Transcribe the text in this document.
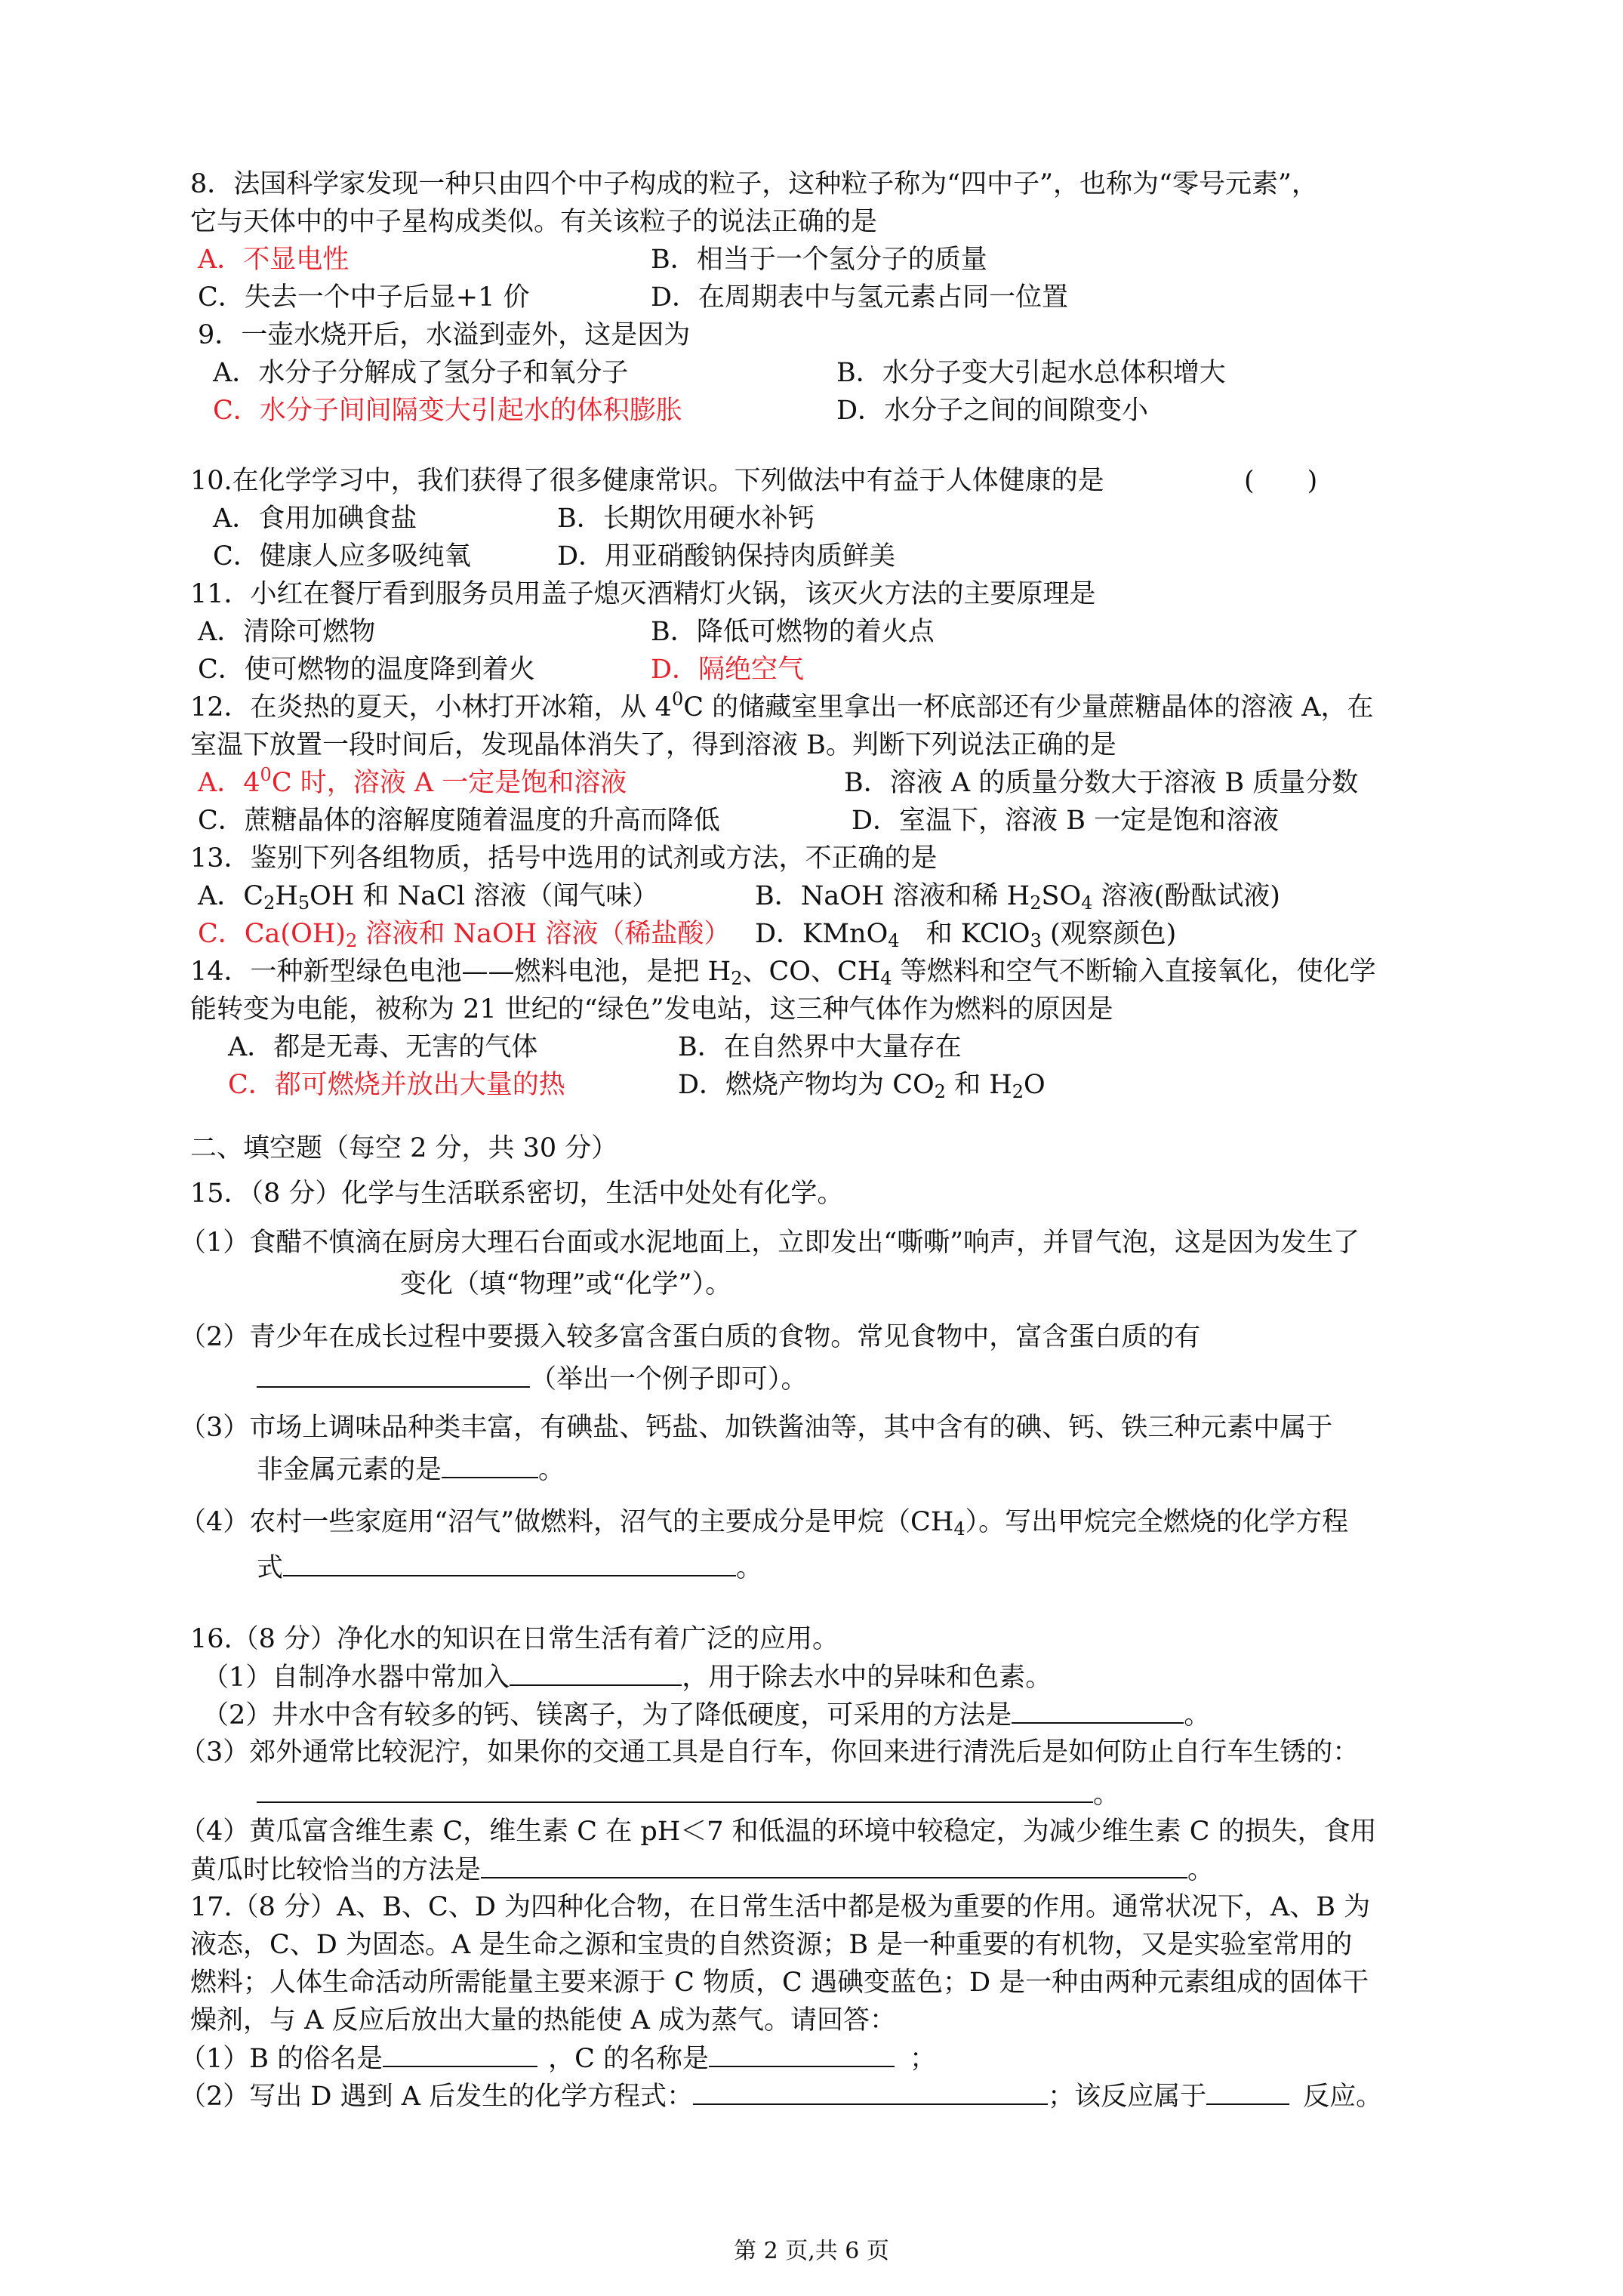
8．法国科学家发现一种只由四个中子构成的粒子，这种粒子称为“四中子”，也称为“零号元素”，
它与天体中的中子星构成类似。有关该粒子的说法正确的是
A．不显电性	B．相当于一个氢分子的质量
C．失去一个中子后显+1 价	D．在周期表中与氢元素占同一位置
9．一壶水烧开后，水溢到壶外，这是因为
A．水分子分解成了氢分子和氧分子	B．水分子变大引起水总体积增大
C．水分子间间隔变大引起水的体积膨胀	D．水分子之间的间隙变小
10.在化学学习中，我们获得了很多健康常识。下列做法中有益于人体健康的是	(　　)
A．食用加碘食盐	B．长期饮用硬水补钙
C．健康人应多吸纯氧	D．用亚硝酸钠保持肉质鲜美
11．小红在餐厅看到服务员用盖子熄灭酒精灯火锅，该灭火方法的主要原理是
A．清除可燃物	B．降低可燃物的着火点
C．使可燃物的温度降到着火	D．隔绝空气
12．在炎热的夏天，小林打开冰箱，从 $4^0C$ 的储藏室里拿出一杯底部还有少量蔗糖晶体的溶液 A，在
室温下放置一段时间后，发现晶体消失了，得到溶液 B。判断下列说法正确的是
A．$4^0C$ 时，溶液 A 一定是饱和溶液	B．溶液 A 的质量分数大于溶液 B 质量分数
C．蔗糖晶体的溶解度随着温度的升高而降低	D．室温下，溶液 B 一定是饱和溶液
13．鉴别下列各组物质，括号中选用的试剂或方法，不正确的是
A．$C_2H_5OH$ 和 NaCl 溶液（闻气味）	B．NaOH 溶液和稀 $H_2SO_4$ 溶液(酚酞试液)
C．$Ca(OH)_2$ 溶液和 NaOH 溶液（稀盐酸） D．KMnO$_4$　和 KClO$_3$ (观察颜色)
14．一种新型绿色电池——燃料电池，是把 $H_2$、CO、$CH_4$ 等燃料和空气不断输入直接氧化，使化学
能转变为电能，被称为 21 世纪的“绿色”发电站，这三种气体作为燃料的原因是
A．都是无毒、无害的气体	B．在自然界中大量存在
C．都可燃烧并放出大量的热	D．燃烧产物均为 $CO_2$ 和 $H_2O$
二、填空题（每空 2 分，共 30 分）
15．（8 分）化学与生活联系密切，生活中处处有化学。
（1）食醋不慎滴在厨房大理石台面或水泥地面上，立即发出“嘶嘶”响声，并冒气泡，这是因为发生了
变化（填“物理”或“化学”）。
（2）青少年在成长过程中要摄入较多富含蛋白质的食物。常见食物中，富含蛋白质的有
（举出一个例子即可）。
（3）市场上调味品种类丰富，有碘盐、钙盐、加铁酱油等，其中含有的碘、钙、铁三种元素中属于
非金属元素的是	。
（4）农村一些家庭用“沼气”做燃料，沼气的主要成分是甲烷$(CH_4)$。写出甲烷完全燃烧的化学方程
式	。
16.（8 分）净化水的知识在日常生活有着广泛的应用。
（1）自制净水器中常加入	，用于除去水中的异味和色素。
（2）井水中含有较多的钙、镁离子，为了降低硬度，可采用的方法是	。
（3）郊外通常比较泥泞，如果你的交通工具是自行车，你回来进行清洗后是如何防止自行车生锈的：
。
（4）黄瓜富含维生素 C，维生素 C 在 pH＜7 和低温的环境中较稳定，为减少维生素 C 的损失，食用
黄瓜时比较恰当的方法是	。
17.（8 分）A、B、C、D 为四种化合物，在日常生活中都是极为重要的作用。通常状况下，A、B 为
液态，C、D 为固态。A 是生命之源和宝贵的自然资源；B 是一种重要的有机物，又是实验室常用的
燃料；人体生命活动所需能量主要来源于 C 物质，C 遇碘变蓝色；D 是一种由两种元素组成的固体干
燥剂，与 A 反应后放出大量的热能使 A 成为蒸气。请回答：
（1）B 的俗名是	，C 的名称是	；
（2）写出 D 遇到 A 后发生的化学方程式：	；该反应属于	反应。
第 2 页,共 6 页
